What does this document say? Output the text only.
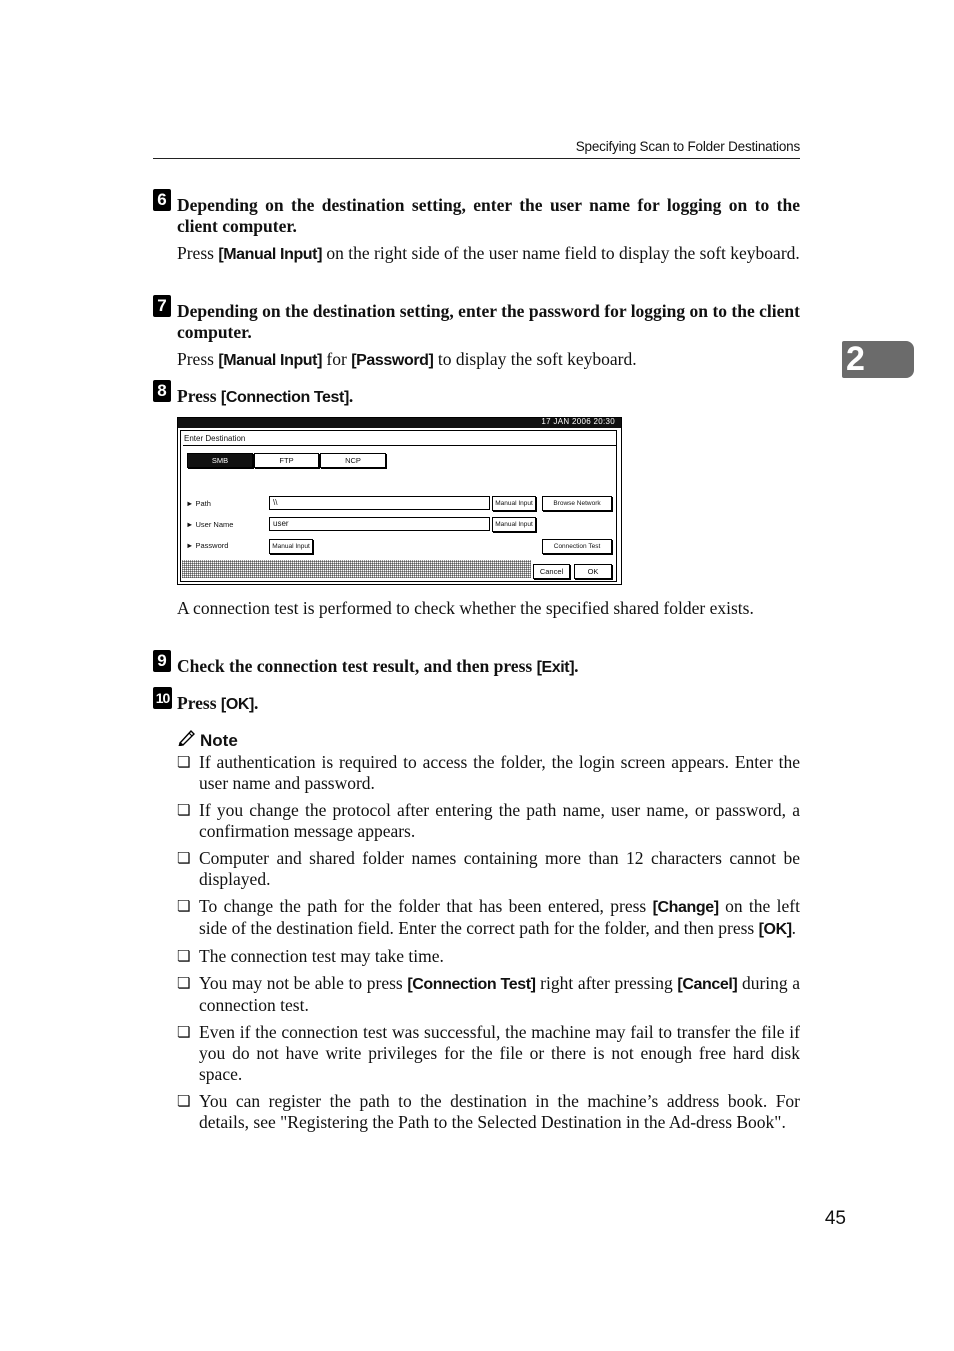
Specifying Scan to Folder Destinations
2
6 Depending on the destination setting, enter the user name for logging on to the client computer.
Press [Manual Input] on the right side of the user name field to display the soft keyboard.
7 Depending on the destination setting, enter the password for logging on to the client computer.
Press [Manual Input] for [Password] to display the soft keyboard.
8 Press [Connection Test].
17 JAN 2006 20:30
Enter Destination
SMB	FTP	NCP
► Path	\\	Manual Input	Browse Network
► User Name	user	Manual Input
► Password	Manual Input	Connection Test
Cancel	OK
A connection test is performed to check whether the specified shared folder exists.
9 Check the connection test result, and then press [Exit].
10 Press [OK].
Note
❏ If authentication is required to access the folder, the login screen appears. Enter the user name and password.
❏ If you change the protocol after entering the path name, user name, or password, a confirmation message appears.
❏ Computer and shared folder names containing more than 12 characters cannot be displayed.
❏ To change the path for the folder that has been entered, press [Change] on the left side of the destination field. Enter the correct path for the folder, and then press [OK].
❏ The connection test may take time.
❏ You may not be able to press [Connection Test] right after pressing [Cancel] during a connection test.
❏ Even if the connection test was successful, the machine may fail to transfer the file if you do not have write privileges for the file or there is not enough free hard disk space.
❏ You can register the path to the destination in the machine’s address book. For details, see "Registering the Path to the Selected Destination in the Ad-dress Book".
45
